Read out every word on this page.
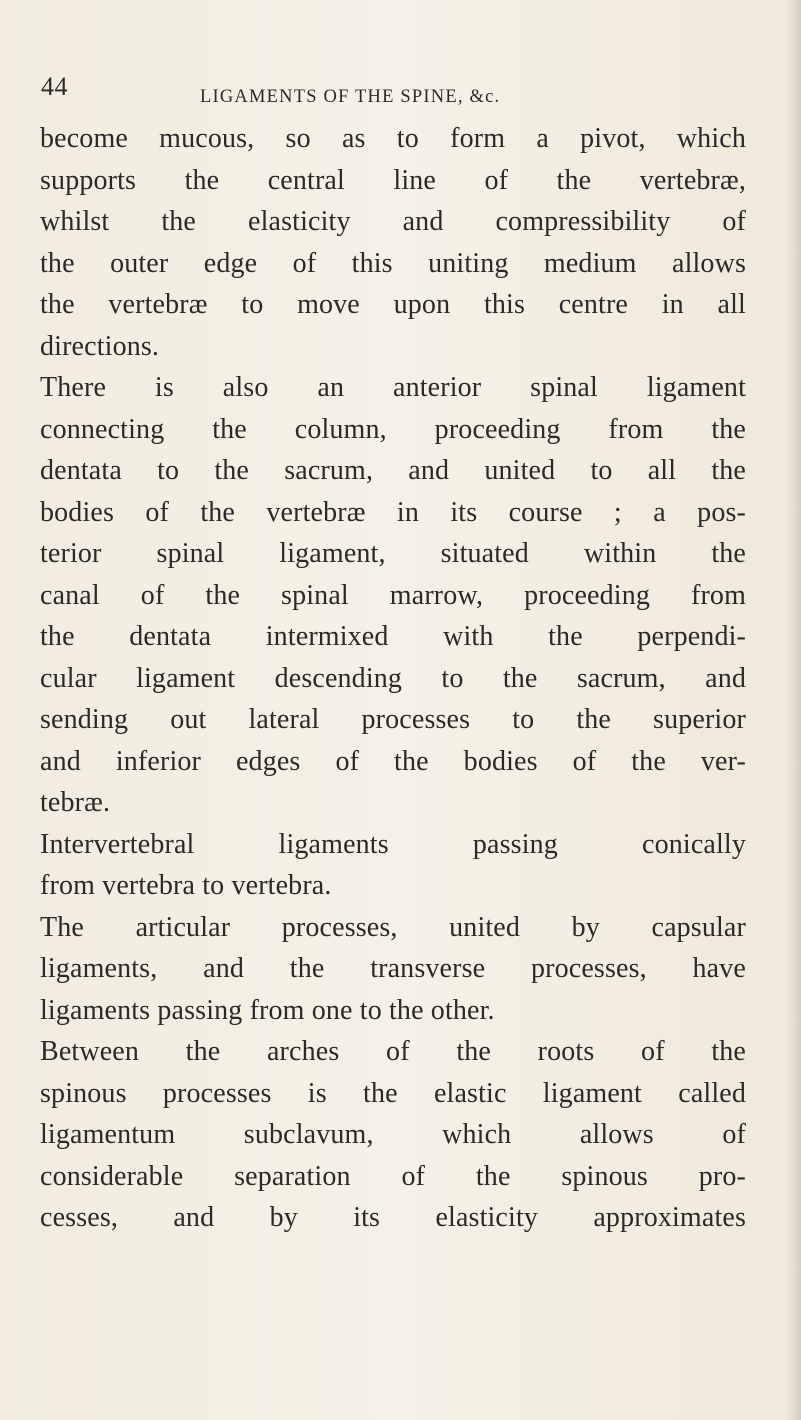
44	LIGAMENTS OF THE SPINE, &c.
become mucous, so as to form a pivot, which
supports the central line of the vertebræ,
whilst the elasticity and compressibility of
the outer edge of this uniting medium allows
the vertebræ to move upon this centre in all
directions.
There is also an anterior spinal ligament
connecting the column, proceeding from the
dentata to the sacrum, and united to all the
bodies of the vertebræ in its course ; a pos-
terior spinal ligament, situated within the
canal of the spinal marrow, proceeding from
the dentata intermixed with the perpendi-
cular ligament descending to the sacrum, and
sending out lateral processes to the superior
and inferior edges of the bodies of the ver-
tebræ.
Intervertebral ligaments passing conically
from vertebra to vertebra.
The articular processes, united by capsular
ligaments, and the transverse processes, have
ligaments passing from one to the other.
Between the arches of the roots of the
spinous processes is the elastic ligament called
ligamentum subclavum, which allows of
considerable separation of the spinous pro-
cesses, and by its elasticity approximates
